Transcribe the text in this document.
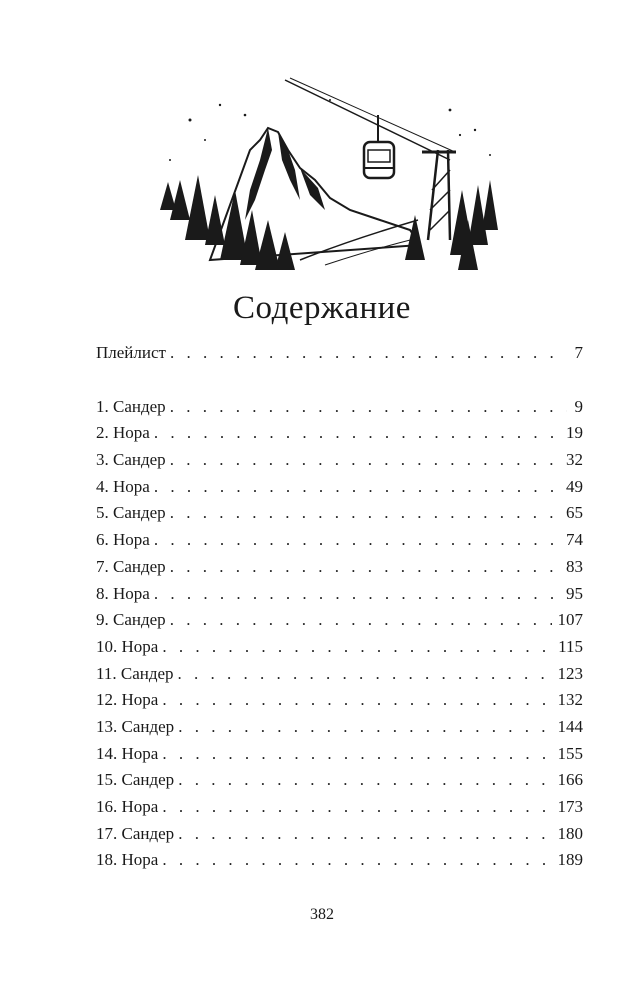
Содержание
Плейлист . . .	7
1. Сандер . . .	9
2. Нора . . .	19
3. Сандер . . .	32
4. Нора . . .	49
5. Сандер . . .	65
6. Нора . . .	74
7. Сандер . . .	83
8. Нора . . .	95
9. Сандер . . .	107
10. Нора . . .	115
11. Сандер . . .	123
12. Нора . . .	132
13. Сандер . . .	144
14. Нора . . .	155
15. Сандер . . .	166
16. Нора . . .	173
17. Сандер . . .	180
18. Нора . . .	189
382
